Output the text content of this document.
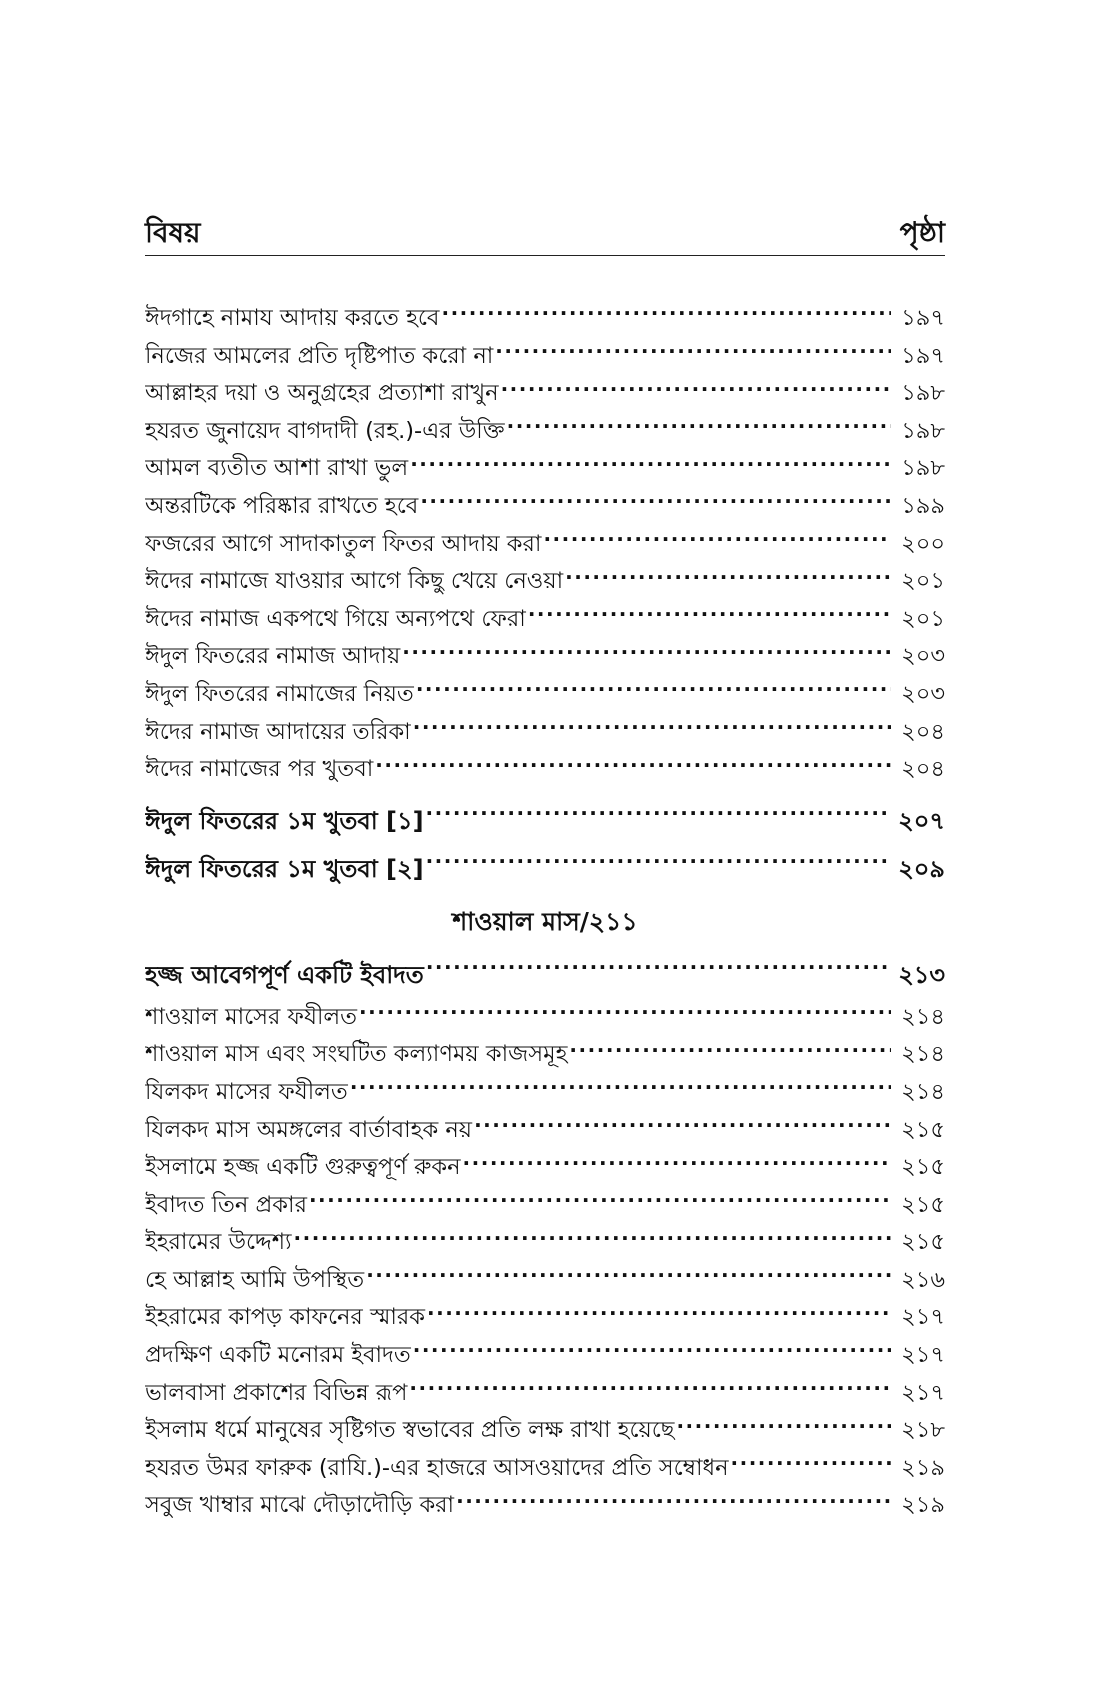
বিষয়	পৃষ্ঠা
ঈদগাহে নামায আদায় করতে হবে .....	১৯৭
নিজের আমলের প্রতি দৃষ্টিপাত করো না .....	১৯৭
আল্লাহর দয়া ও অনুগ্রহের প্রত্যাশা রাখুন .....	১৯৮
হযরত জুনায়েদ বাগদাদী (রহ.)-এর উক্তি .....	১৯৮
আমল ব্যতীত আশা রাখা ভুল .....	১৯৮
অন্তরটিকে পরিষ্কার রাখতে হবে .....	১৯৯
ফজরের আগে সাদাকাতুল ফিতর আদায় করা .....	২০০
ঈদের নামাজে যাওয়ার আগে কিছু খেয়ে নেওয়া .....	২০১
ঈদের নামাজ একপথে গিয়ে অন্যপথে ফেরা .....	২০১
ঈদুল ফিতরের নামাজ আদায় .....	২০৩
ঈদুল ফিতরের নামাজের নিয়ত .....	২০৩
ঈদের নামাজ আদায়ের তরিকা .....	২০৪
ঈদের নামাজের পর খুতবা .....	২০৪
ঈদুল ফিতরের ১ম খুতবা [১] .....	২০৭
ঈদুল ফিতরের ১ম খুতবা [২] .....	২০৯
শাওয়াল মাস/২১১
হজ্জ আবেগপূর্ণ একটি ইবাদত .....	২১৩
শাওয়াল মাসের ফযীলত .....	২১৪
শাওয়াল মাস এবং সংঘটিত কল্যাণময় কাজসমূহ .....	২১৪
যিলকদ মাসের ফযীলত .....	২১৪
যিলকদ মাস অমঙ্গলের বার্তাবাহক নয় .....	২১৫
ইসলামে হজ্জ একটি গুরুত্বপূর্ণ রুকন .....	২১৫
ইবাদত তিন প্রকার .....	২১৫
ইহরামের উদ্দেশ্য .....	২১৫
হে আল্লাহ আমি উপস্থিত .....	২১৬
ইহরামের কাপড় কাফনের স্মারক .....	২১৭
প্রদক্ষিণ একটি মনোরম ইবাদত .....	২১৭
ভালবাসা প্রকাশের বিভিন্ন রূপ .....	২১৭
ইসলাম ধর্মে মানুষের সৃষ্টিগত স্বভাবের প্রতি লক্ষ রাখা হয়েছে .....	২১৮
হযরত উমর ফারুক (রাযি.)-এর হাজরে আসওয়াদের প্রতি সম্বোধন .....	২১৯
সবুজ খাম্বার মাঝে দৌড়াদৌড়ি করা .....	২১৯
